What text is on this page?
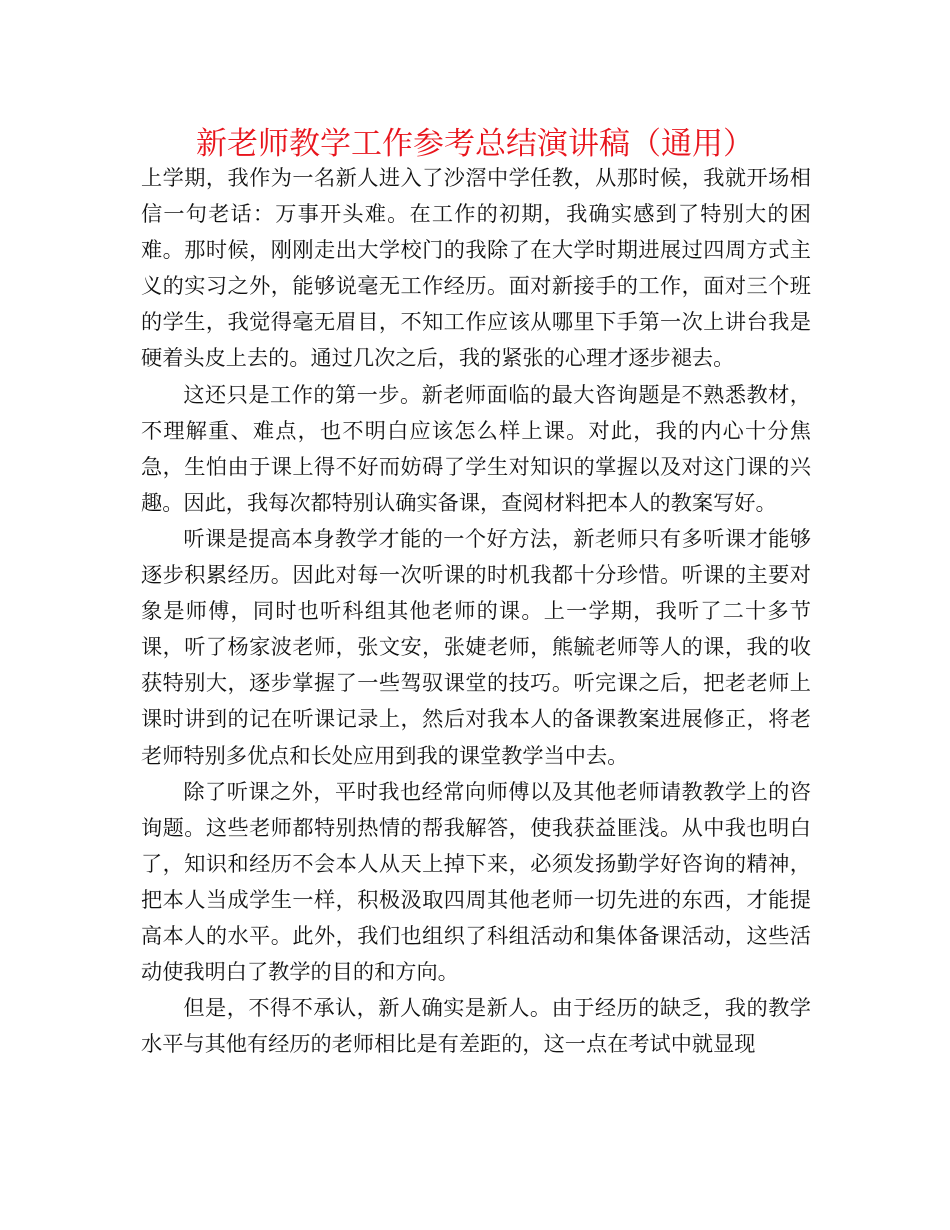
新老师教学工作参考总结演讲稿（通用）

上学期，我作为一名新人进入了沙滘中学任教，从那时候，我就开场相信一句老话：万事开头难。在工作的初期，我确实感到了特别大的困难。那时候，刚刚走出大学校门的我除了在大学时期进展过四周方式主义的实习之外，能够说毫无工作经历。面对新接手的工作，面对三个班的学生，我觉得毫无眉目，不知工作应该从哪里下手第一次上讲台我是硬着头皮上去的。通过几次之后，我的紧张的心理才逐步褪去。

这还只是工作的第一步。新老师面临的最大咨询题是不熟悉教材，不理解重、难点，也不明白应该怎么样上课。对此，我的内心十分焦急，生怕由于课上得不好而妨碍了学生对知识的掌握以及对这门课的兴趣。因此，我每次都特别认确实备课，查阅材料把本人的教案写好。

听课是提高本身教学才能的一个好方法，新老师只有多听课才能够逐步积累经历。因此对每一次听课的时机我都十分珍惜。听课的主要对象是师傅，同时也听科组其他老师的课。上一学期，我听了二十多节课，听了杨家波老师，张文安，张婕老师，熊毓老师等人的课，我的收获特别大，逐步掌握了一些驾驭课堂的技巧。听完课之后，把老老师上课时讲到的记在听课记录上，然后对我本人的备课教案进展修正，将老老师特别多优点和长处应用到我的课堂教学当中去。

除了听课之外，平时我也经常向师傅以及其他老师请教教学上的咨询题。这些老师都特别热情的帮我解答，使我获益匪浅。从中我也明白了，知识和经历不会本人从天上掉下来，必须发扬勤学好咨询的精神，把本人当成学生一样，积极汲取四周其他老师一切先进的东西，才能提高本人的水平。此外，我们也组织了科组活动和集体备课活动，这些活动使我明白了教学的目的和方向。

但是，不得不承认，新人确实是新人。由于经历的缺乏，我的教学水平与其他有经历的老师相比是有差距的，这一点在考试中就显现
